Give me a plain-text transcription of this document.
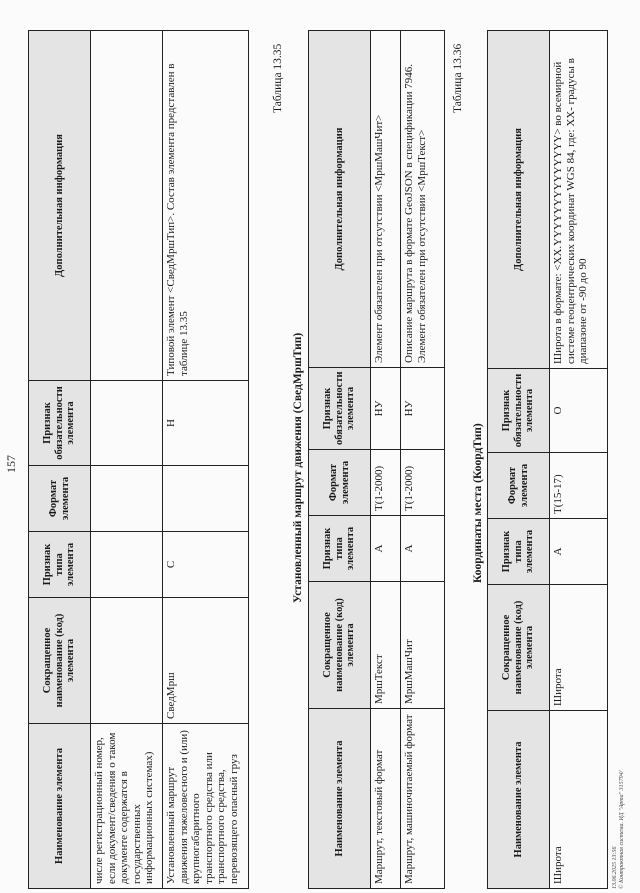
157
Наименование элемента	Сокращенное наименование (код) элемента	Признак типа элемента	Формат элемента	Признак обязательности элемента	Дополнительная информация
числе регистрационный номер, если документ/сведения о таком документе содержатся в государственных информационных системах)					
Установленный маршрут движения тяжеловесного и (или) крупногабаритного транспортного средства или транспортного средства, перевозящего опасный груз	СведМрш	С		Н	Типовой элемент <СведМршТип>. Состав элемента представлен в таблице 13.35
Таблица 13.35
Установленный маршрут движения (СведМршТип)
Наименование элемента	Сокращенное наименование (код) элемента	Признак типа элемента	Формат элемента	Признак обязательности элемента	Дополнительная информация
Маршрут, текстовый формат	МршТекст	А	Т(1-2000)	НУ	Элемент обязателен при отсутствии <МршМашЧит>
Маршрут, машиночитаемый формат	МршМашЧит	А	Т(1-2000)	НУ	Описание маршрута в формате GeoJSON в спецификации 7946. Элемент обязателен при отсутствии <МршТекст>
Таблица 13.36
Координаты места (КоордТип)
Наименование элемента	Сокращенное наименование (код) элемента	Признак типа элемента	Формат элемента	Признак обязательности элемента	Дополнительная информация
Широта	Широта	А	Т(15-17)	О	Широта в формате: <XX.YYYYYYYYYYYYYY> во всемирной системе геоцентрических координат WGS 84, где: XX- градусы в диапазоне от -90 до 90
13.06.2025 13:56 © Контрактная система. ИД "Арта" 315794/
